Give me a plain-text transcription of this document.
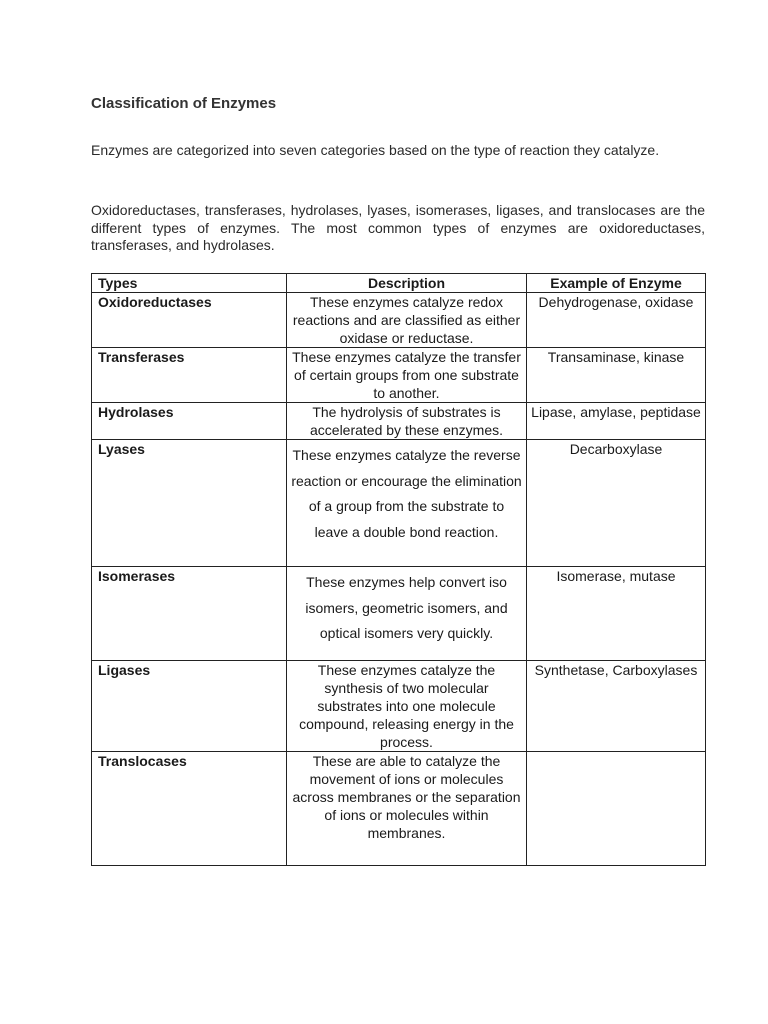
Classification of Enzymes
Enzymes are categorized into seven categories based on the type of reaction they catalyze.
Oxidoreductases, transferases, hydrolases, lyases, isomerases, ligases, and translocases are the different types of enzymes. The most common types of enzymes are oxidoreductases, transferases, and hydrolases.
Types	Description	Example of Enzyme
Oxidoreductases	These enzymes catalyze redox reactions and are classified as either oxidase or reductase.	Dehydrogenase, oxidase
Transferases	These enzymes catalyze the transfer of certain groups from one substrate to another.	Transaminase, kinase
Hydrolases	The hydrolysis of substrates is accelerated by these enzymes.	Lipase, amylase, peptidase
Lyases	These enzymes catalyze the reverse reaction or encourage the elimination of a group from the substrate to leave a double bond reaction.	Decarboxylase
Isomerases	These enzymes help convert iso isomers, geometric isomers, and optical isomers very quickly.	Isomerase, mutase
Ligases	These enzymes catalyze the synthesis of two molecular substrates into one molecule compound, releasing energy in the process.	Synthetase, Carboxylases
Translocases	These are able to catalyze the movement of ions or molecules across membranes or the separation of ions or molecules within membranes.	
